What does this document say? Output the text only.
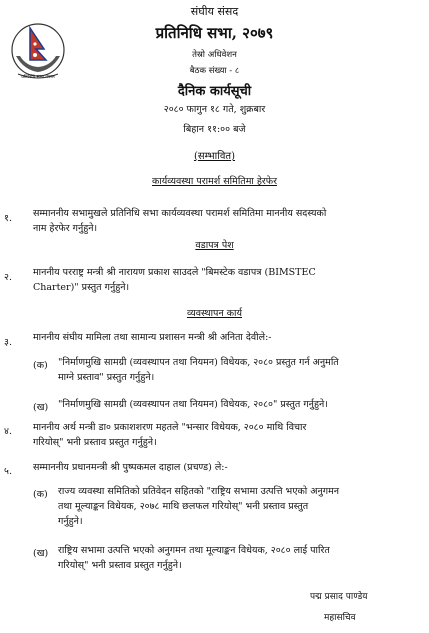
प्रतिनिधि सभा नेपाल
संघीय संसद
प्रतिनिधि सभा, २०७९
तेस्रो अधिवेशन
बैठक संख्या - ८
दैनिक कार्यसूची
२०८० फागुन १८ गते, शुक्रबार
बिहान ११:०० बजे
(सम्भावित)
कार्यव्यवस्था परामर्श समितिमा हेरफेर
१. सम्माननीय सभामुखले प्रतिनिधि सभा कार्यव्यवस्था परामर्श समितिमा माननीय सदस्यको
नाम हेरफेर गर्नुहुने।
वडापत्र पेश
२. माननीय परराष्ट्र मन्त्री श्री नारायण प्रकाश साउदले "बिमस्टेक वडापत्र (BIMSTEC
Charter)" प्रस्तुत गर्नुहुने।
व्यवस्थापन कार्य
३. माननीय संघीय मामिला तथा सामान्य प्रशासन मन्त्री श्री अनिता देवीले:-
(क) "निर्माणमुखि सामग्री (व्यवस्थापन तथा नियमन) विधेयक, २०८० प्रस्तुत गर्न अनुमति
माग्ने प्रस्ताव" प्रस्तुत गर्नुहुने।
(ख) "निर्माणमुखि सामग्री (व्यवस्थापन तथा नियमन) विधेयक, २०८०" प्रस्तुत गर्नुहुने।
४. माननीय अर्थ मन्त्री डा० प्रकाशशरण महतले "भन्सार विधेयक, २०८० माथि विचार
गरियोस्" भनी प्रस्ताव प्रस्तुत गर्नुहुने।
५. सम्माननीय प्रधानमन्त्री श्री पुष्पकमल दाहाल (प्रचण्ड) ले:-
(क) राज्य व्यवस्था समितिको प्रतिवेदन सहितको "राष्ट्रिय सभामा उत्पत्ति भएको अनुगमन
तथा मूल्याङ्कन विधेयक, २०७८ माथि छलफल गरियोस्" भनी प्रस्ताव प्रस्तुत
गर्नुहुने।
(ख) राष्ट्रिय सभामा उत्पत्ति भएको अनुगमन तथा मूल्याङ्कन विधेयक, २०८० लाई पारित
गरियोस्" भनी प्रस्ताव प्रस्तुत गर्नुहुने।
पद्म प्रसाद पाण्डेय
महासचिव
